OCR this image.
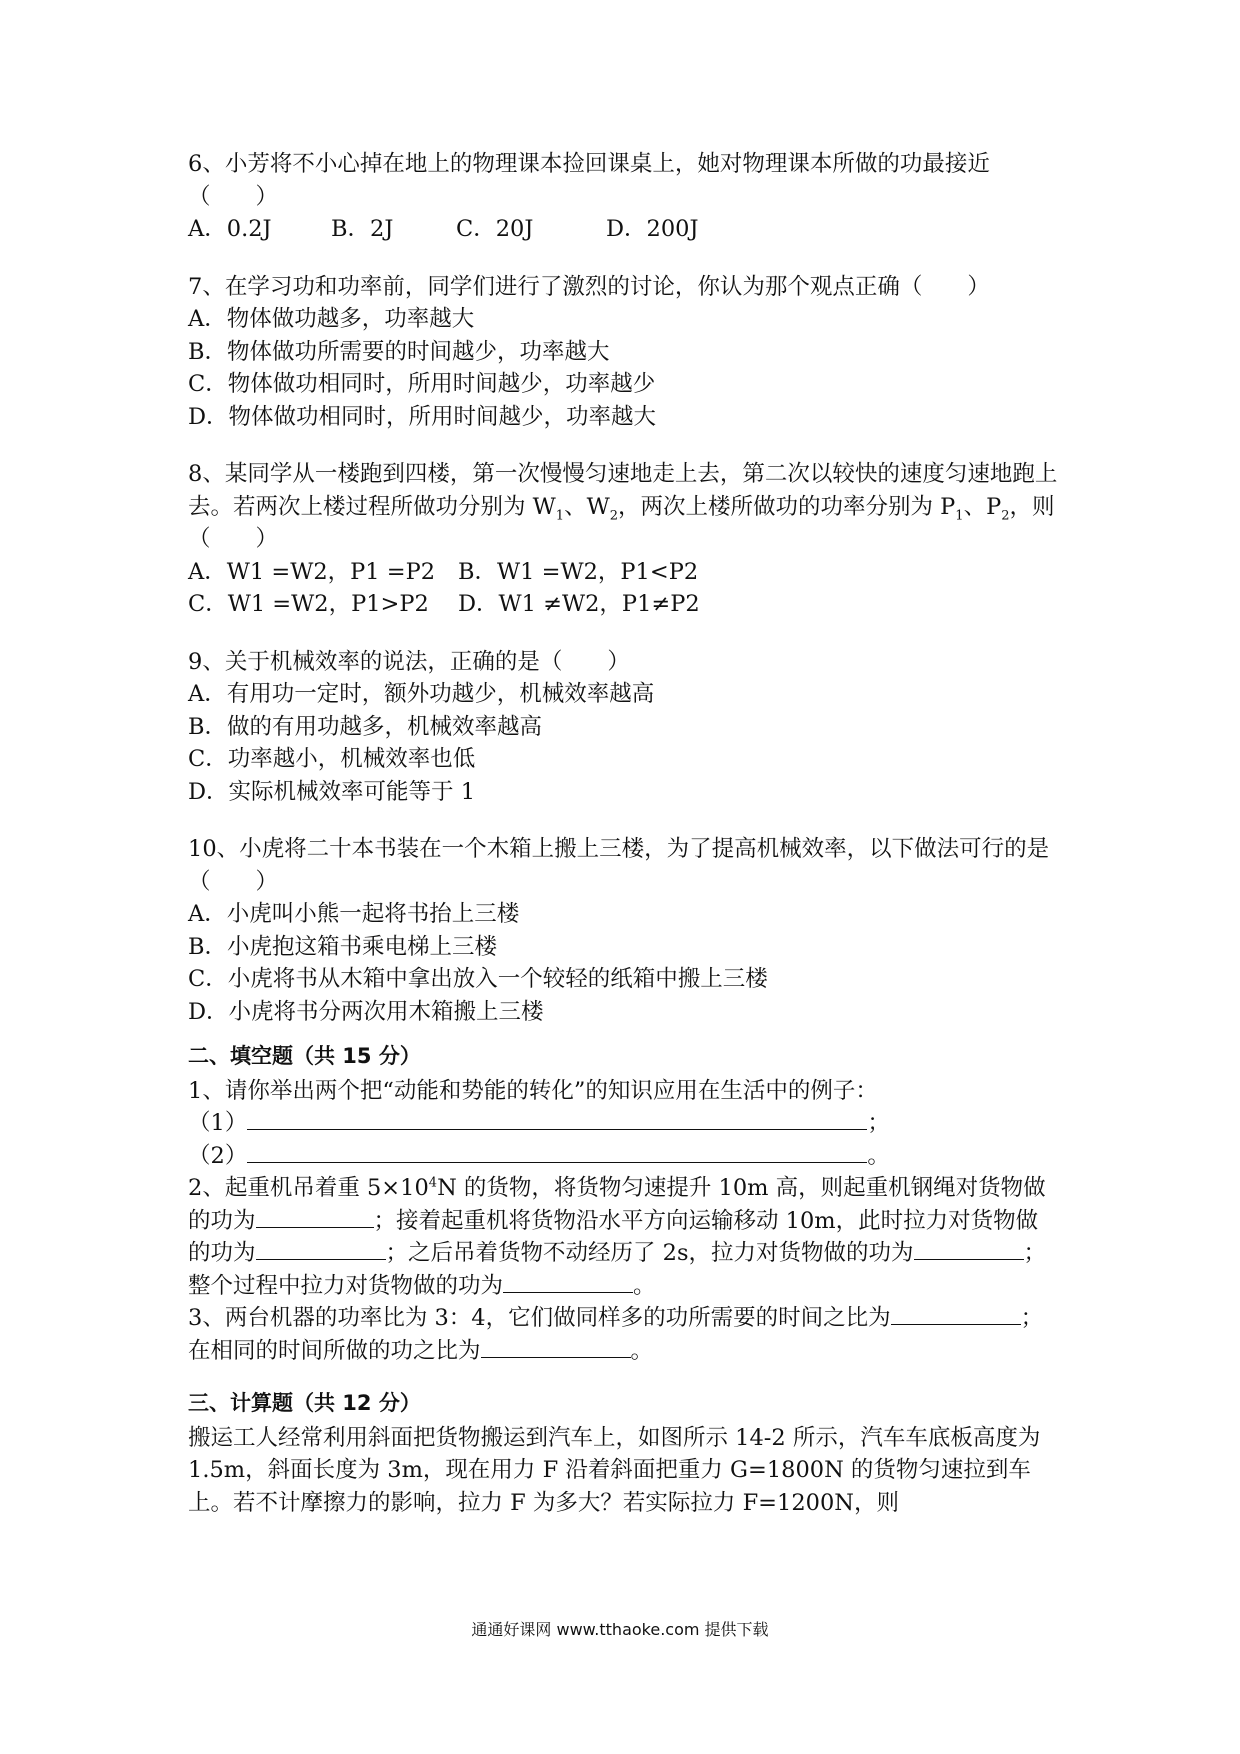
6、小芳将不小心掉在地上的物理课本捡回课桌上，她对物理课本所做的功最接近（　　）

A．0.2J	B．2J	C．20J	D．200J

7、在学习功和功率前，同学们进行了激烈的讨论，你认为那个观点正确（　　）

A．物体做功越多，功率越大

B．物体做功所需要的时间越少，功率越大

C．物体做功相同时，所用时间越少，功率越少

D．物体做功相同时，所用时间越少，功率越大

8、某同学从一楼跑到四楼，第一次慢慢匀速地走上去，第二次以较快的速度匀速地跑上去。若两次上楼过程所做功分别为 $W_1$、$W_2$，两次上楼所做功的功率分别为 $P_1$、$P_2$，则（　　）

A．W1 =W2，P1 =P2	B．W1 =W2，P1<P2
C．W1 =W2，P1>P2	D．W1 ≠W2，P1≠P2

9、关于机械效率的说法，正确的是（　　）

A．有用功一定时，额外功越少，机械效率越高

B．做的有用功越多，机械效率越高

C．功率越小，机械效率也低

D．实际机械效率可能等于 1

10、小虎将二十本书装在一个木箱上搬上三楼，为了提高机械效率，以下做法可行的是（　　）

A．小虎叫小熊一起将书抬上三楼

B．小虎抱这箱书乘电梯上三楼

C．小虎将书从木箱中拿出放入一个较轻的纸箱中搬上三楼

D．小虎将书分两次用木箱搬上三楼

二、填空题（共 15 分）

1、请你举出两个把“动能和势能的转化”的知识应用在生活中的例子：

（1）	；

（2）	。

2、起重机吊着重 $5\times 10^4N$ 的货物，将货物匀速提升 10m 高，则起重机钢绳对货物做的功为	；接着起重机将货物沿水平方向运输移动 10m，此时拉力对货物做的功为	；之后吊着货物不动经历了 2s，拉力对货物做的功为	；整个过程中拉力对货物做的功为	。

3、两台机器的功率比为 3：4，它们做同样多的功所需要的时间之比为	；在相同的时间所做的功之比为	。

三、计算题（共 12 分）

搬运工人经常利用斜面把货物搬运到汽车上，如图所示 14-2 所示，汽车车底板高度为 1.5m，斜面长度为 3m，现在用力 F 沿着斜面把重力 G=1800N 的货物匀速拉到车上。若不计摩擦力的影响，拉力 F 为多大？若实际拉力 F=1200N，则

通通好课网 www.tthaoke.com 提供下载
